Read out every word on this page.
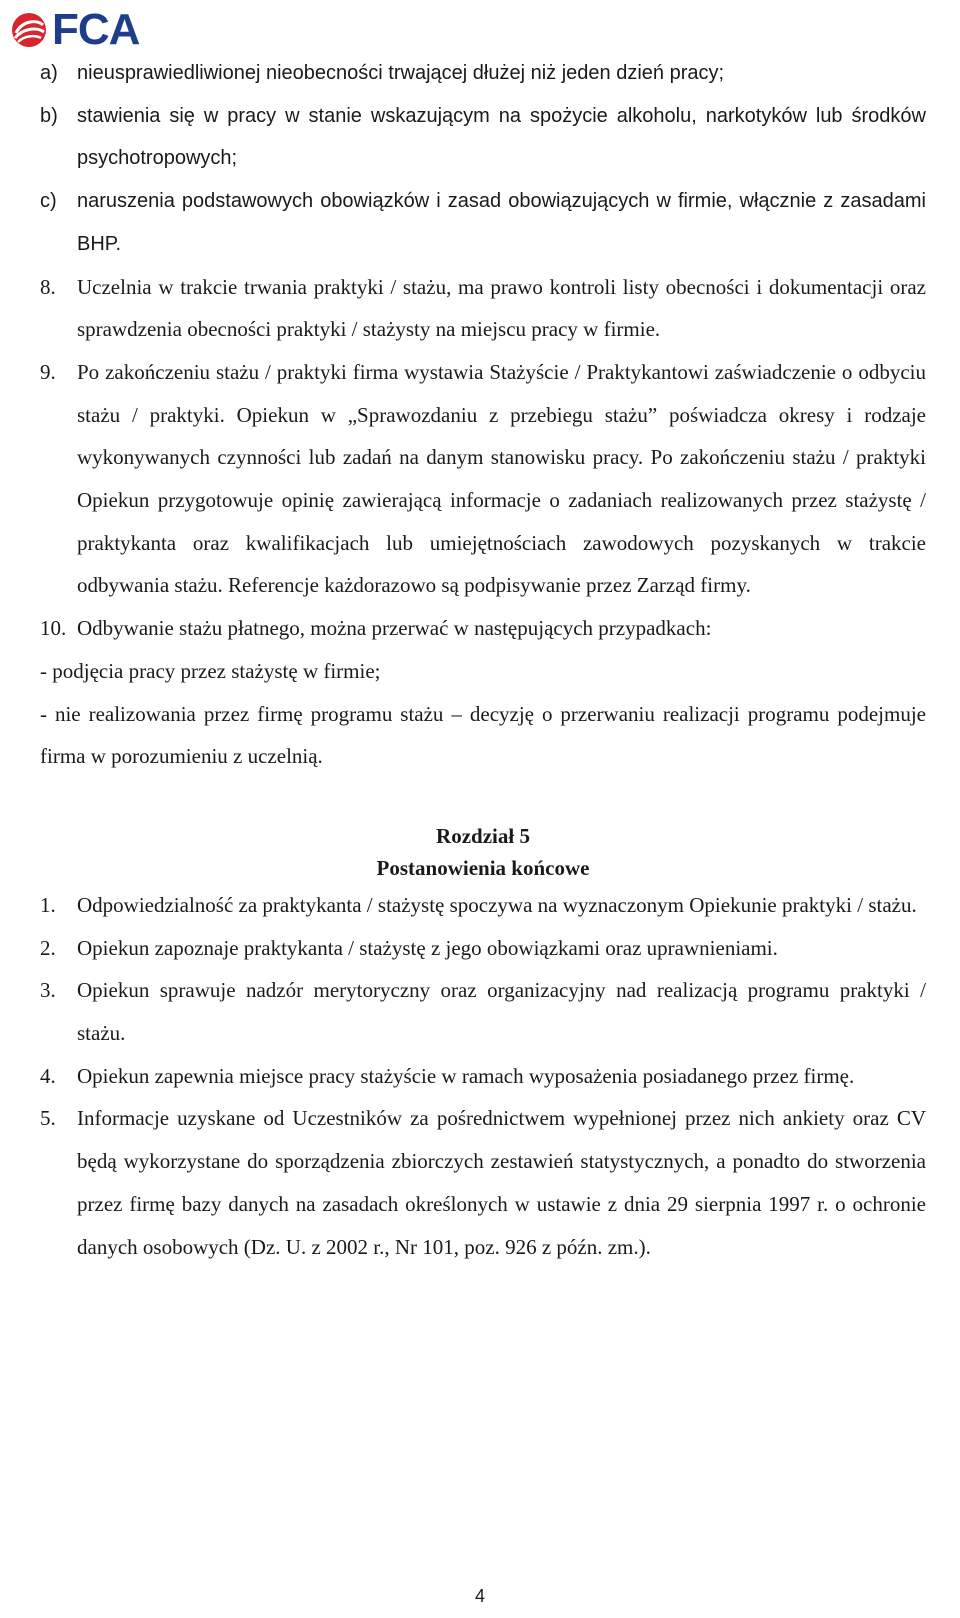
FCA
a) nieusprawiedliwionej nieobecności trwającej dłużej niż jeden dzień pracy;
b) stawienia się w pracy w stanie wskazującym na spożycie alkoholu, narkotyków lub środków psychotropowych;
c)	naruszenia podstawowych obowiązków i zasad obowiązujących w firmie, włącznie z zasadami BHP.
8.	Uczelnia w trakcie trwania praktyki / stażu, ma prawo kontroli listy obecności i dokumentacji oraz sprawdzenia obecności praktyki / stażysty na miejscu pracy w firmie.
9.	Po zakończeniu stażu / praktyki firma wystawia Stażyście / Praktykantowi zaświadczenie o odbyciu stażu / praktyki. Opiekun w „Sprawozdaniu z przebiegu stażu” poświadcza okresy i rodzaje wykonywanych czynności lub zadań na danym stanowisku pracy. Po zakończeniu stażu / praktyki Opiekun przygotowuje opinię zawierającą informacje o zadaniach realizowanych przez stażystę / praktykanta oraz kwalifikacjach lub umiejętnościach zawodowych pozyskanych w trakcie odbywania stażu. Referencje każdorazowo są podpisywanie przez Zarząd firmy.
10. Odbywanie stażu płatnego, można przerwać w następujących przypadkach:
- podjęcia pracy przez stażystę w firmie;
- nie realizowania przez firmę programu stażu – decyzję o przerwaniu realizacji programu podejmuje firma w porozumieniu z uczelnią.
Rozdział 5
Postanowienia końcowe
1.	Odpowiedzialność za praktykanta / stażystę spoczywa na wyznaczonym Opiekunie praktyki / stażu.
2.	Opiekun zapoznaje praktykanta / stażystę z jego obowiązkami oraz uprawnieniami.
3.	Opiekun sprawuje nadzór merytoryczny oraz organizacyjny nad realizacją programu praktyki / stażu.
4.	Opiekun zapewnia miejsce pracy stażyście w ramach wyposażenia posiadanego przez firmę.
5.	Informacje uzyskane od Uczestników za pośrednictwem wypełnionej przez nich ankiety oraz CV będą wykorzystane do sporządzenia zbiorczych zestawień statystycznych, a ponadto do stworzenia przez firmę bazy danych na zasadach określonych w ustawie z dnia 29 sierpnia 1997 r. o ochronie danych osobowych (Dz. U. z 2002 r., Nr 101, poz. 926 z późn. zm.).
4
